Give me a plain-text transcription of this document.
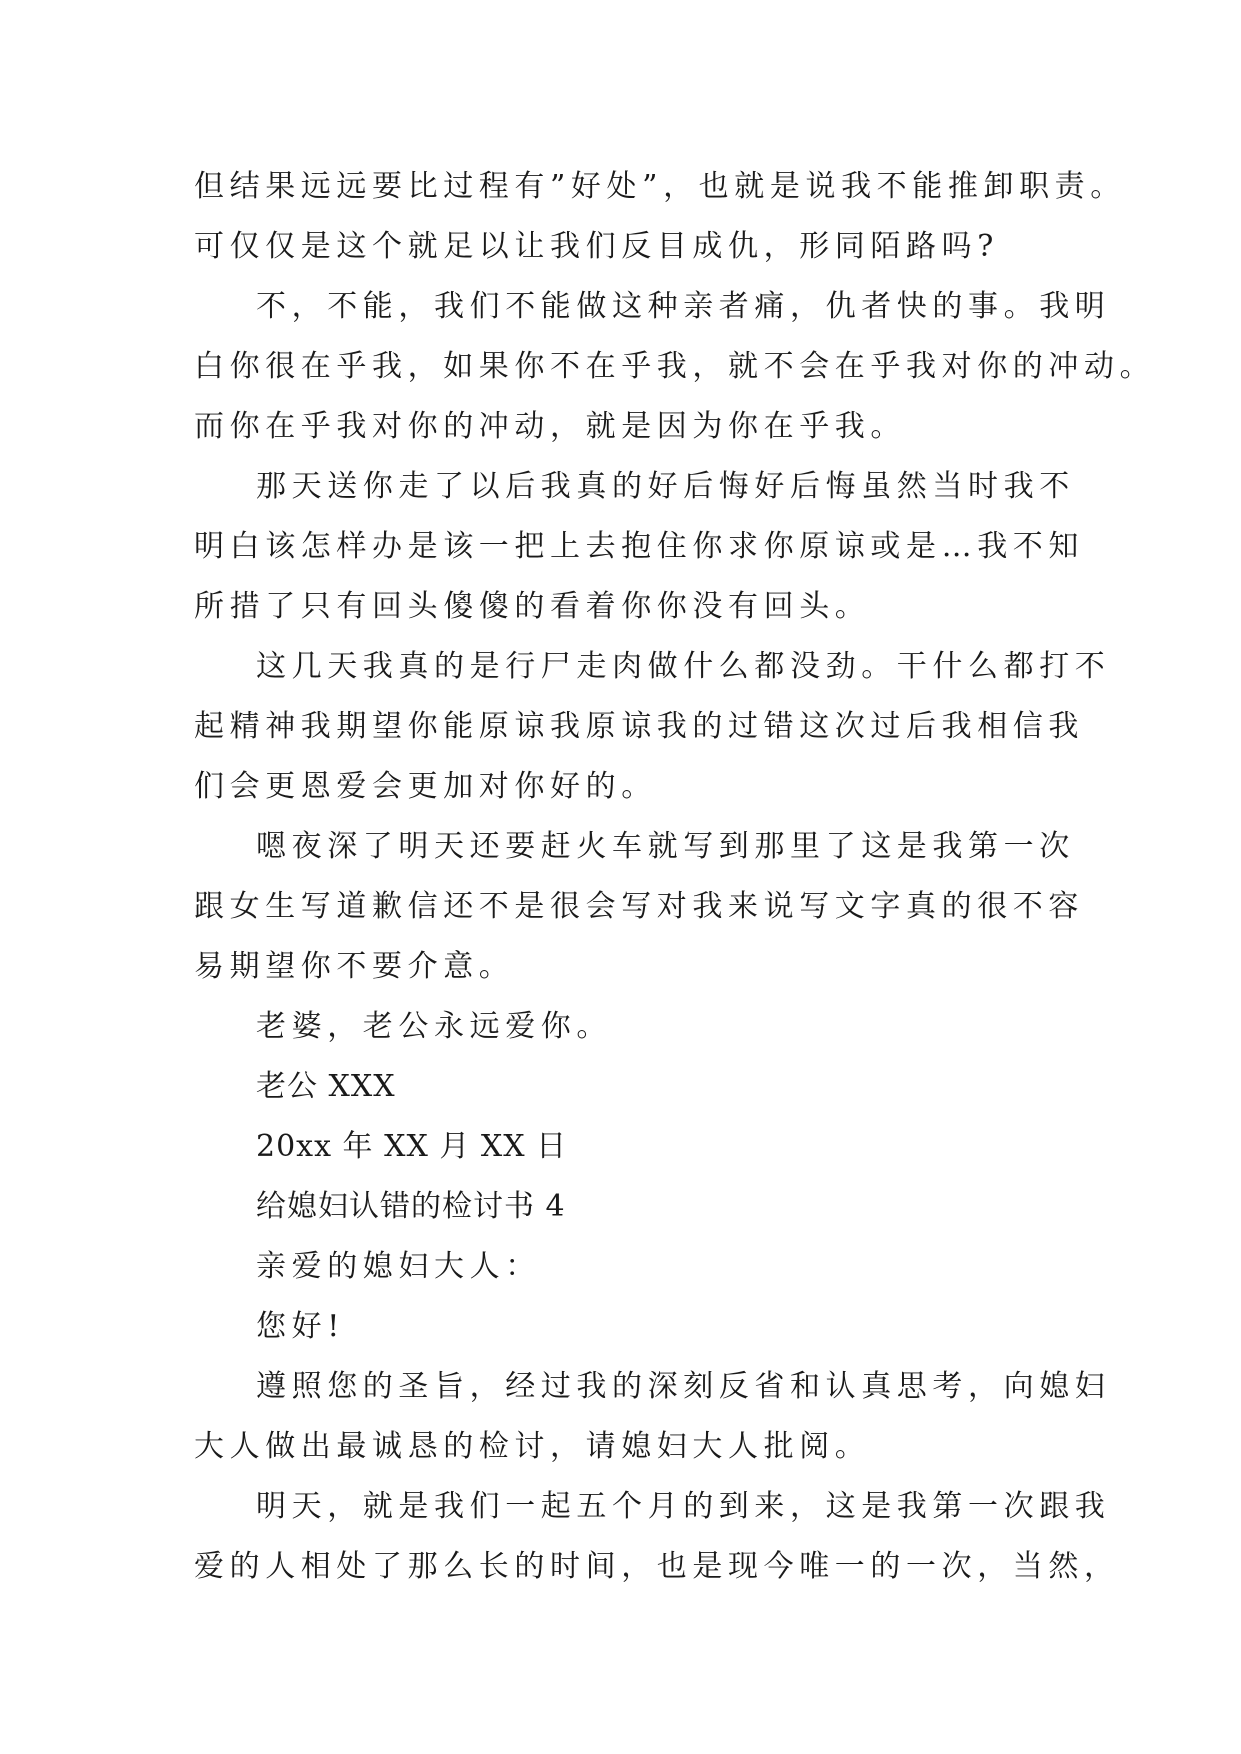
但结果远远要比过程有”好处”，也就是说我不能推卸职责。
可仅仅是这个就足以让我们反目成仇，形同陌路吗?
不，不能，我们不能做这种亲者痛，仇者快的事。我明
白你很在乎我，如果你不在乎我，就不会在乎我对你的冲动。
而你在乎我对你的冲动，就是因为你在乎我。
那天送你走了以后我真的好后悔好后悔虽然当时我不
明白该怎样办是该一把上去抱住你求你原谅或是…我不知
所措了只有回头傻傻的看着你你没有回头。
这几天我真的是行尸走肉做什么都没劲。干什么都打不
起精神我期望你能原谅我原谅我的过错这次过后我相信我
们会更恩爱会更加对你好的。
嗯夜深了明天还要赶火车就写到那里了这是我第一次
跟女生写道歉信还不是很会写对我来说写文字真的很不容
易期望你不要介意。
老婆，老公永远爱你。
老公 XXX
20xx 年 XX 月 XX 日
给媳妇认错的检讨书 4
亲爱的媳妇大人：
您好!
遵照您的圣旨，经过我的深刻反省和认真思考，向媳妇
大人做出最诚恳的检讨，请媳妇大人批阅。
明天，就是我们一起五个月的到来，这是我第一次跟我
爱的人相处了那么长的时间，也是现今唯一的一次，当然，
